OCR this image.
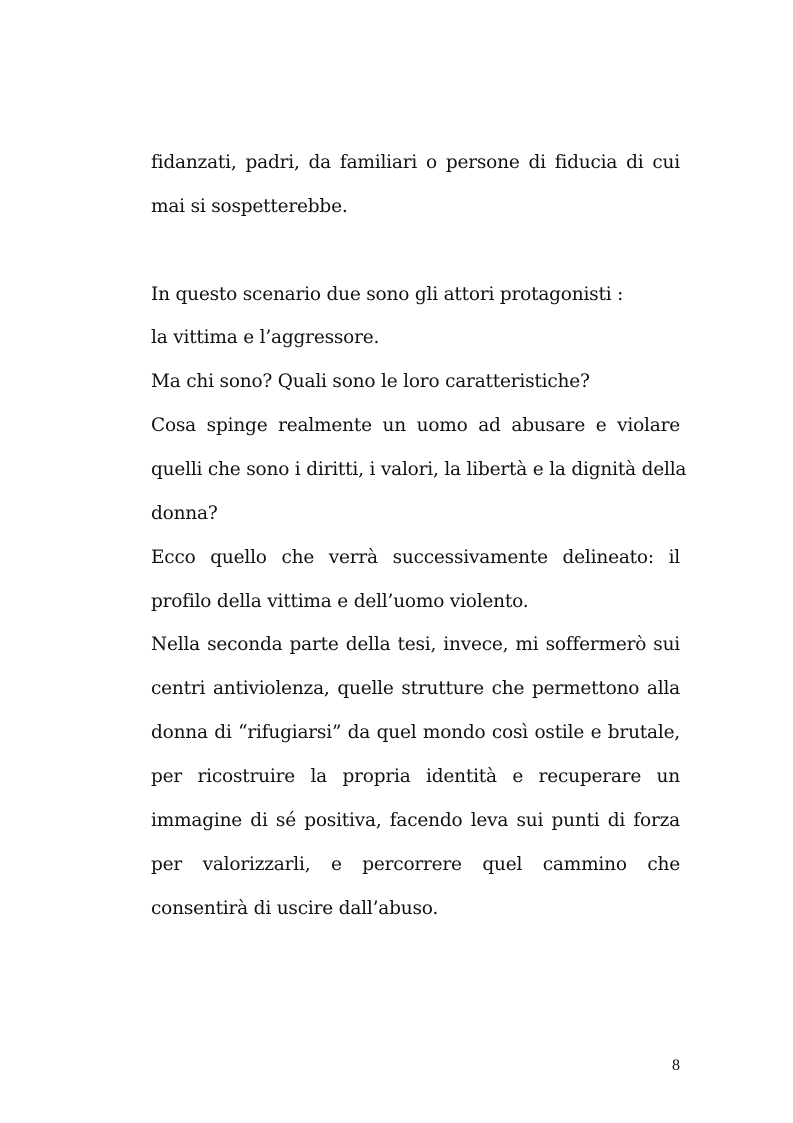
fidanzati, padri, da familiari o persone di fiducia di cui
mai si sospetterebbe.
In questo scenario due sono gli attori protagonisti :
la vittima e l’aggressore.
Ma chi sono? Quali sono le loro caratteristiche?
Cosa spinge realmente un uomo ad abusare e violare
quelli che sono i diritti, i valori, la libertà e la dignità della
donna?
Ecco quello che verrà successivamente delineato: il
profilo della vittima e dell’uomo violento.
Nella seconda parte della tesi, invece, mi soffermerò sui
centri antiviolenza, quelle strutture che permettono alla
donna di “rifugiarsi” da quel mondo così ostile e brutale,
per ricostruire la propria identità e recuperare un
immagine di sé positiva, facendo leva sui punti di forza
per valorizzarli, e percorrere quel cammino che
consentirà di uscire dall’abuso.
8
